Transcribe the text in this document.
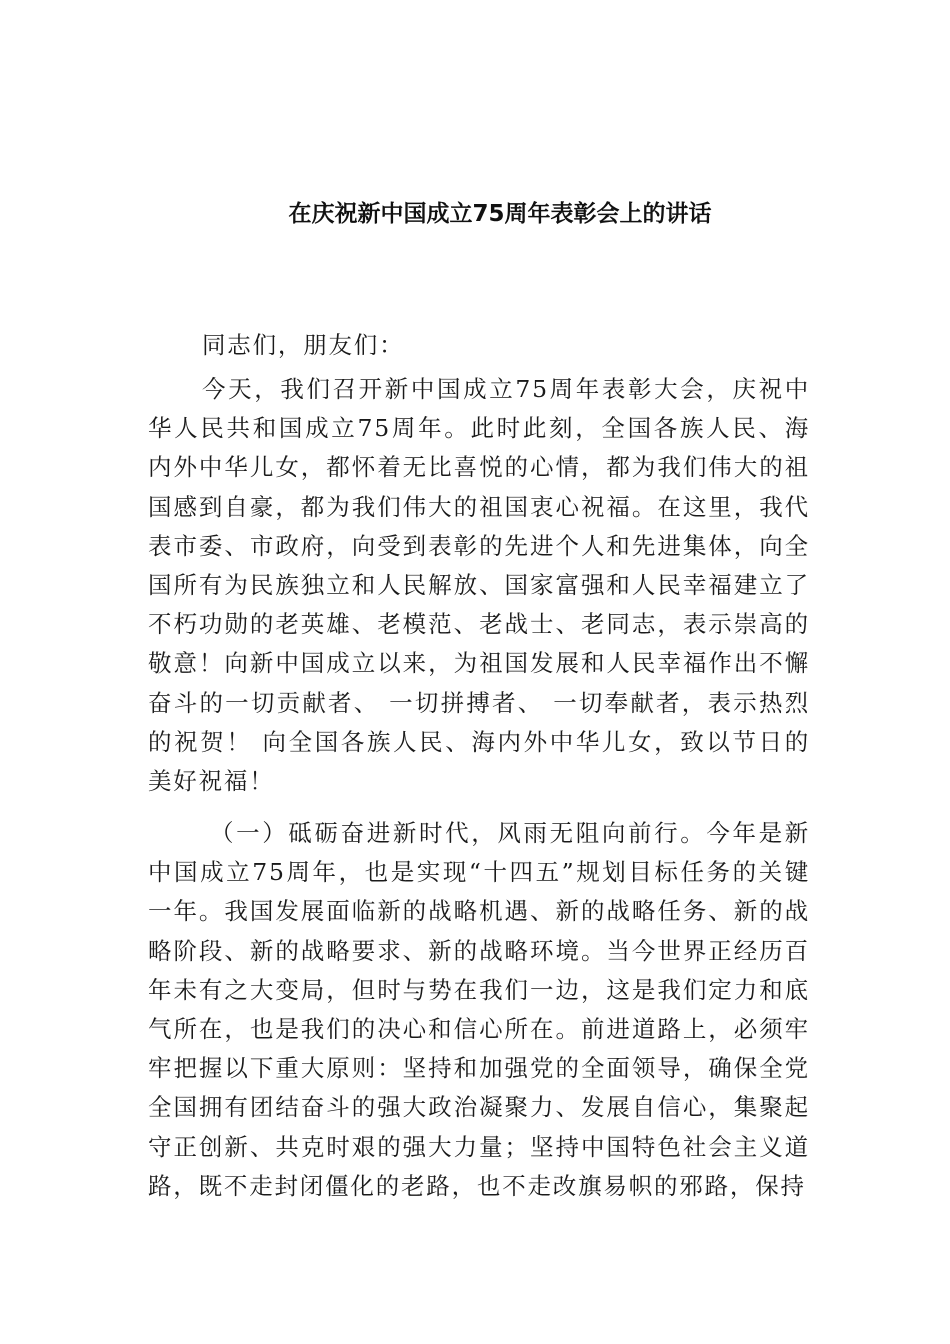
在庆祝新中国成立75周年表彰会上的讲话

同志们，朋友们：

今天，我们召开新中国成立75周年表彰大会，庆祝中华人民共和国成立75周年。此时此刻，全国各族人民、海内外中华儿女，都怀着无比喜悦的心情，都为我们伟大的祖国感到自豪，都为我们伟大的祖国衷心祝福。在这里，我代表市委、市政府，向受到表彰的先进个人和先进集体，向全国所有为民族独立和人民解放、国家富强和人民幸福建立了不朽功勋的老英雄、老模范、老战士、老同志，表示崇高的敬意！向新中国成立以来，为祖国发展和人民幸福作出不懈奋斗的一切贡献者、 一切拼搏者、 一切奉献者，表示热烈的祝贺！ 向全国各族人民、海内外中华儿女，致以节日的美好祝福！

（一）砥砺奋进新时代，风雨无阻向前行。今年是新中国成立75周年，也是实现“十四五”规划目标任务的关键一年。我国发展面临新的战略机遇、新的战略任务、新的战略阶段、新的战略要求、新的战略环境。当今世界正经历百年未有之大变局，但时与势在我们一边，这是我们定力和底气所在，也是我们的决心和信心所在。前进道路上，必须牢牢把握以下重大原则：坚持和加强党的全面领导，确保全党全国拥有团结奋斗的强大政治凝聚力、发展自信心，集聚起守正创新、共克时艰的强大力量；坚持中国特色社会主义道路，既不走封闭僵化的老路，也不走改旗易帜的邪路，保持
